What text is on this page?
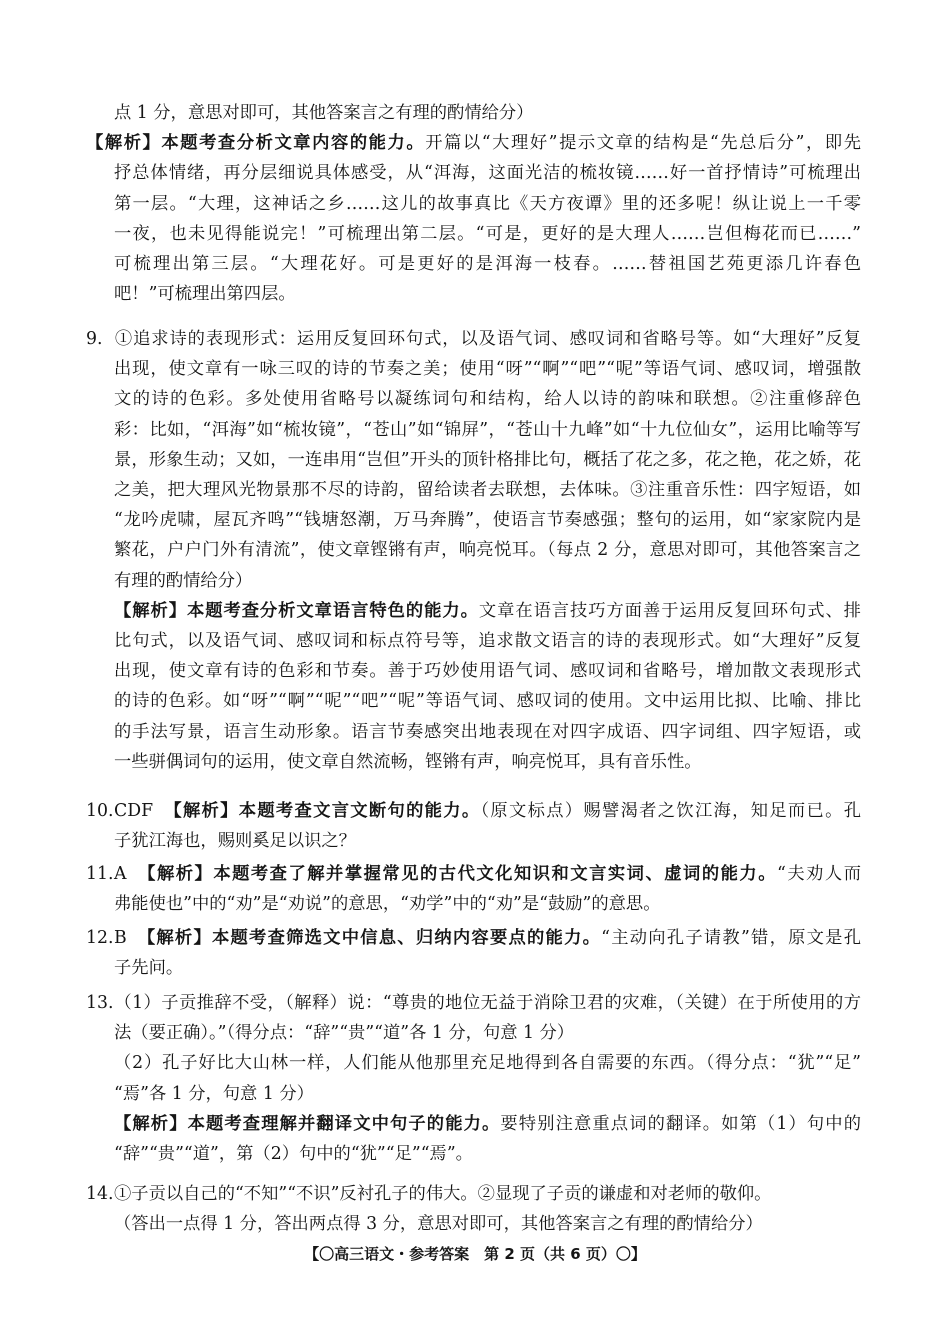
点 1 分，意思对即可，其他答案言之有理的酌情给分）
【解析】本题考查分析文章内容的能力。开篇以“大理好”提示文章的结构是“先总后分”，即先
抒总体情绪，再分层细说具体感受，从“洱海，这面光洁的梳妆镜……好一首抒情诗”可梳理出
第一层。“大理，这神话之乡……这儿的故事真比《天方夜谭》里的还多呢！纵让说上一千零
一夜，也未见得能说完！”可梳理出第二层。“可是，更好的是大理人……岂但梅花而已……”
可梳理出第三层。“大理花好。可是更好的是洱海一枝春。……替祖国艺苑更添几许春色
吧！”可梳理出第四层。
9. ①追求诗的表现形式：运用反复回环句式，以及语气词、感叹词和省略号等。如“大理好”反复
出现，使文章有一咏三叹的诗的节奏之美；使用“呀”“啊”“吧”“呢”等语气词、感叹词，增强散
文的诗的色彩。多处使用省略号以凝练词句和结构，给人以诗的韵味和联想。②注重修辞色
彩：比如，“洱海”如“梳妆镜”，“苍山”如“锦屏”，“苍山十九峰”如“十九位仙女”，运用比喻等写
景，形象生动；又如，一连串用“岂但”开头的顶针格排比句，概括了花之多，花之艳，花之娇，花
之美，把大理风光物景那不尽的诗韵，留给读者去联想，去体味。③注重音乐性：四字短语，如
“龙吟虎啸，屋瓦齐鸣”“钱塘怒潮，万马奔腾”，使语言节奏感强；整句的运用，如“家家院内是
繁花，户户门外有清流”，使文章铿锵有声，响亮悦耳。（每点 2 分，意思对即可，其他答案言之
有理的酌情给分）
【解析】本题考查分析文章语言特色的能力。文章在语言技巧方面善于运用反复回环句式、排
比句式，以及语气词、感叹词和标点符号等，追求散文语言的诗的表现形式。如“大理好”反复
出现，使文章有诗的色彩和节奏。善于巧妙使用语气词、感叹词和省略号，增加散文表现形式
的诗的色彩。如“呀”“啊”“呢”“吧”“呢”等语气词、感叹词的使用。文中运用比拟、比喻、排比
的手法写景，语言生动形象。语言节奏感突出地表现在对四字成语、四字词组、四字短语，或
一些骈偶词句的运用，使文章自然流畅，铿锵有声，响亮悦耳，具有音乐性。
10.CDF　 【解析】本题考查文言文断句的能力。（原文标点）赐譬渴者之饮江海，知足而已。孔
子犹江海也，赐则奚足以识之？
11.A　 【解析】本题考查了解并掌握常见的古代文化知识和文言实词、虚词的能力。“夫劝人而
弗能使也”中的“劝”是“劝说”的意思，“劝学”中的“劝”是“鼓励”的意思。
12.B　 【解析】本题考查筛选文中信息、归纳内容要点的能力。“主动向孔子请教”错，原文是孔
子先问。
13.（1）子贡推辞不受，（解释）说：“尊贵的地位无益于消除卫君的灾难，（关键）在于所使用的方
法（要正确）。”（得分点：“辞”“贵”“道”各 1 分，句意 1 分）
（2）孔子好比大山林一样，人们能从他那里充足地得到各自需要的东西。（得分点：“犹”“足”
“焉”各 1 分，句意 1 分）
【解析】本题考查理解并翻译文中句子的能力。要特别注意重点词的翻译。如第（1）句中的
“辞”“贵”“道”，第（2）句中的“犹”“足”“焉”。
14.①子贡以自己的“不知”“不识”反衬孔子的伟大。②显现了子贡的谦虚和对老师的敬仰。
（答出一点得 1 分，答出两点得 3 分，意思对即可，其他答案言之有理的酌情给分）
【〇高三语文・参考答案　第 2 页（共 6 页）〇】
